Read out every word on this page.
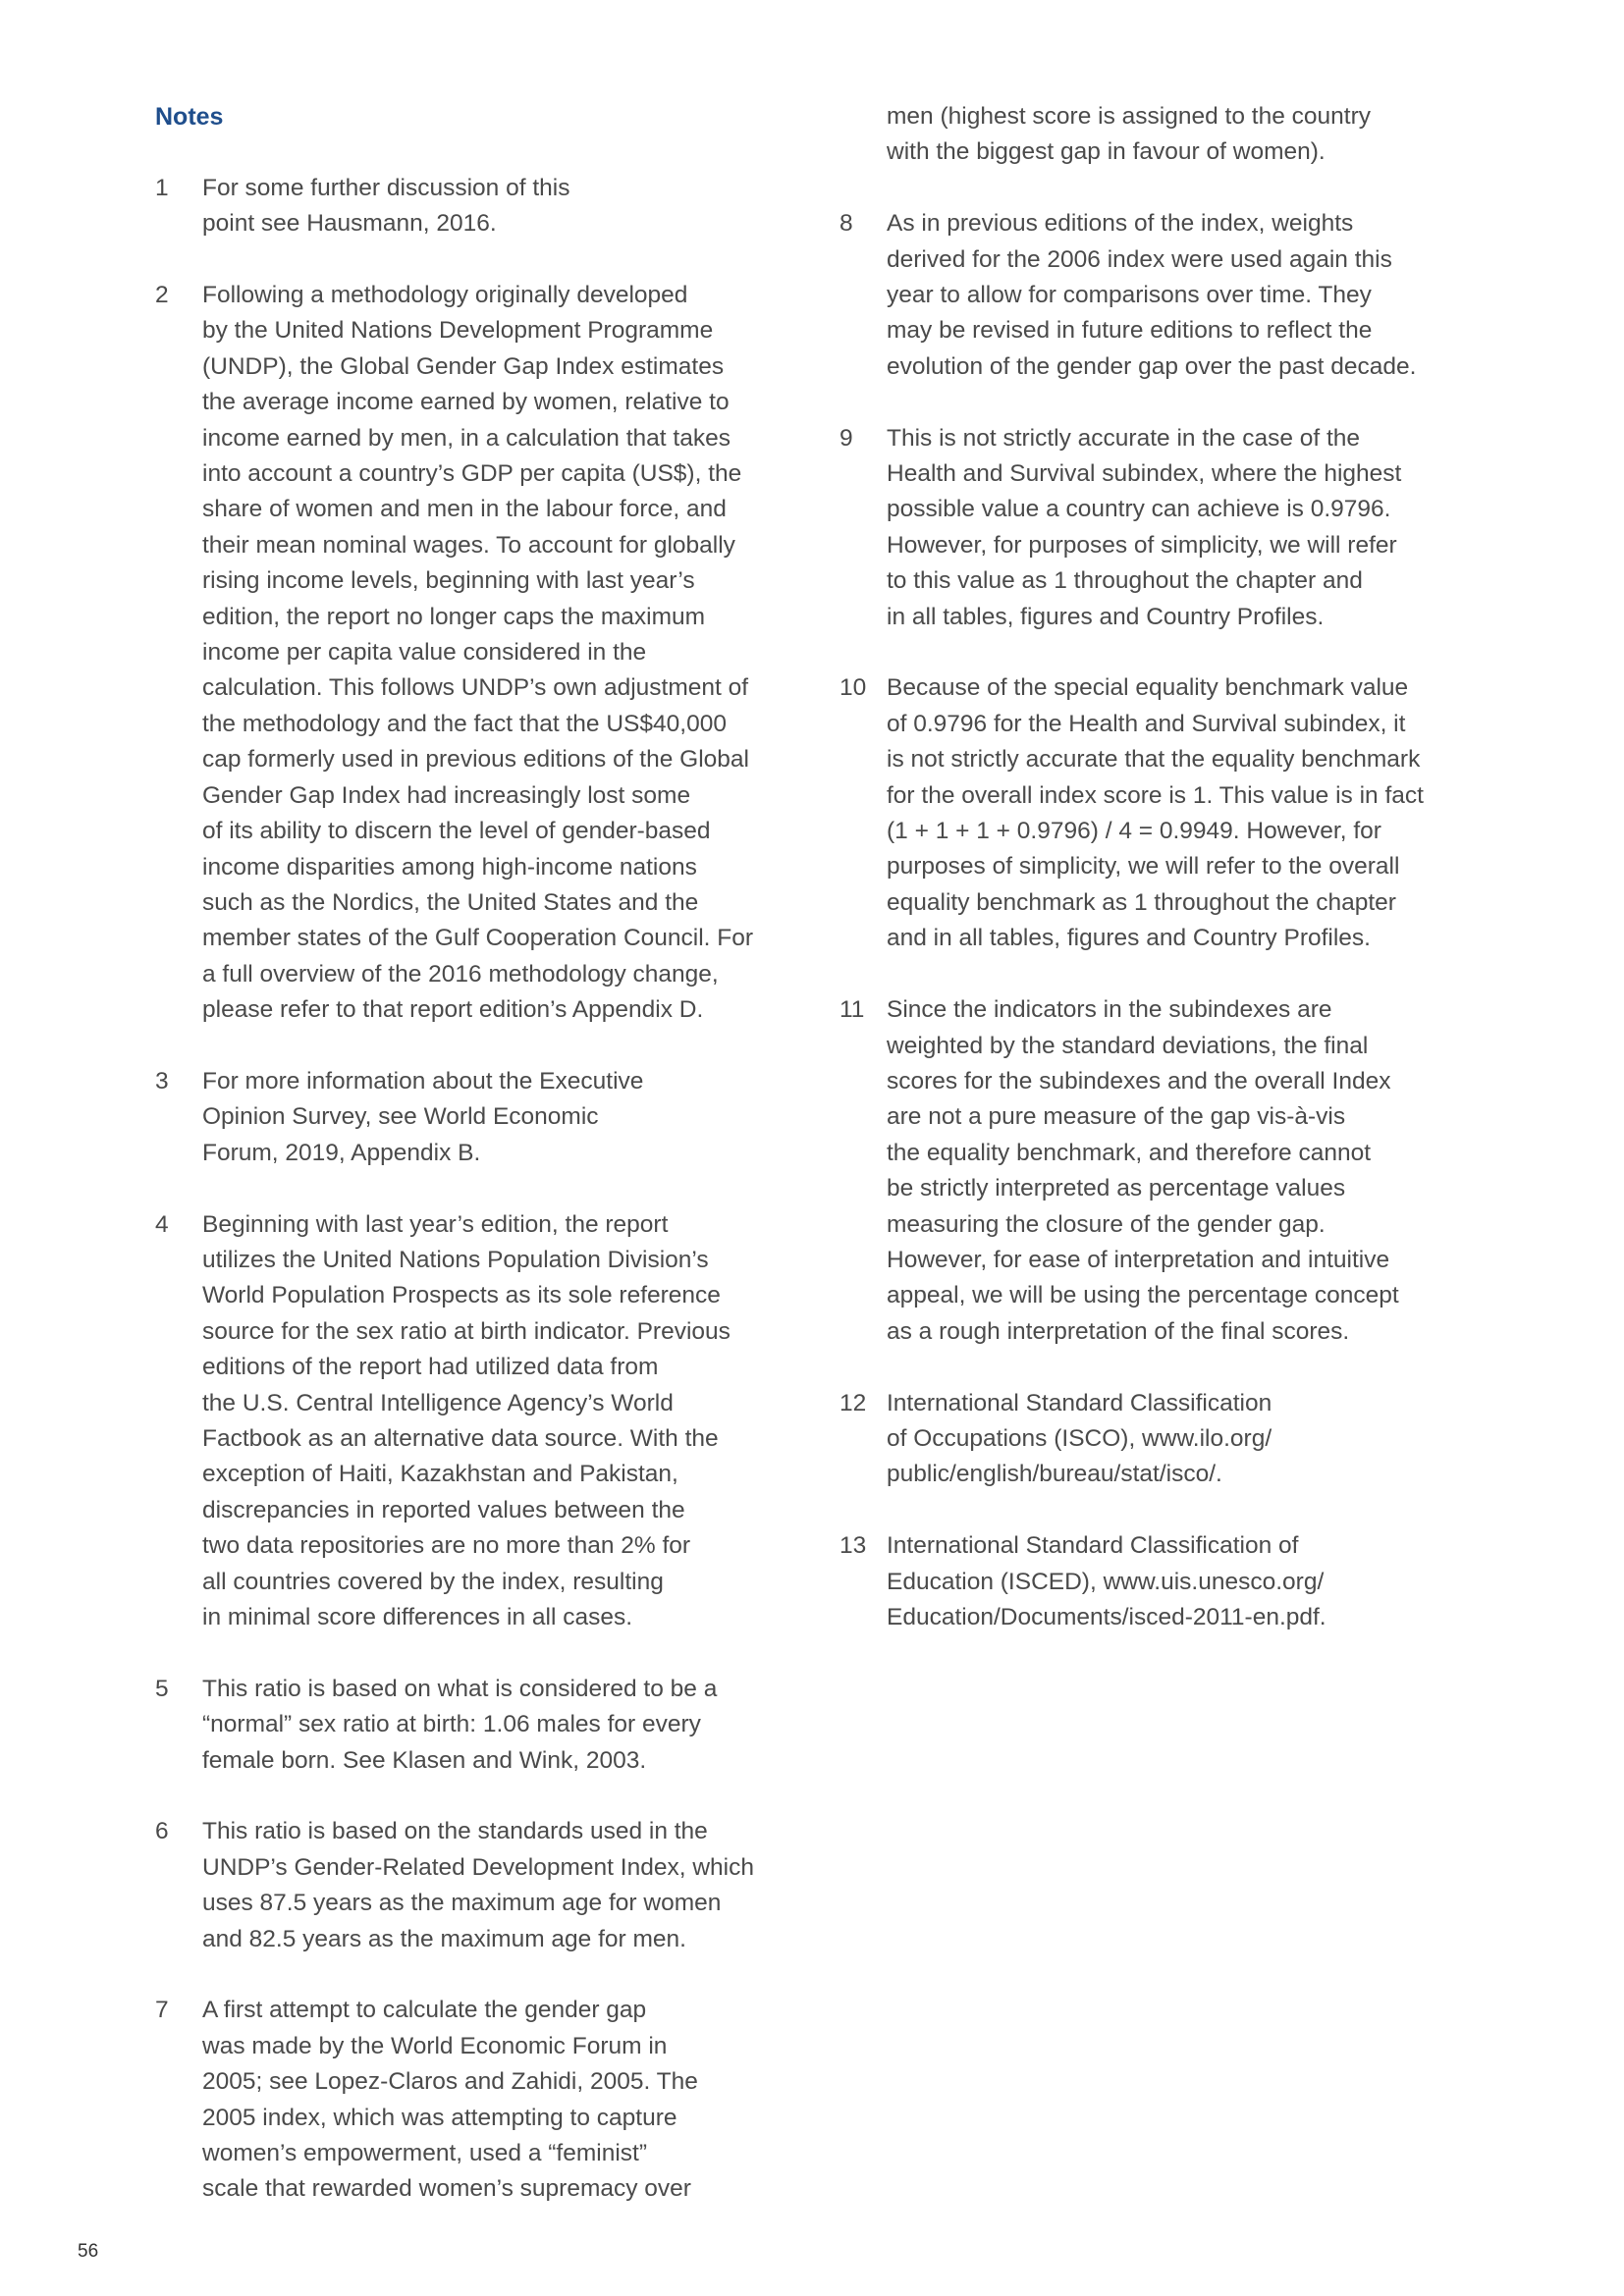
Notes
1	For some further discussion of this
point see Hausmann, 2016.
2	Following a methodology originally developed
by the United Nations Development Programme
(UNDP), the Global Gender Gap Index estimates
the average income earned by women, relative to
income earned by men, in a calculation that takes
into account a country’s GDP per capita (US$), the
share of women and men in the labour force, and
their mean nominal wages. To account for globally
rising income levels, beginning with last year’s
edition, the report no longer caps the maximum
income per capita value considered in the
calculation. This follows UNDP’s own adjustment of
the methodology and the fact that the US$40,000
cap formerly used in previous editions of the Global
Gender Gap Index had increasingly lost some
of its ability to discern the level of gender-based
income disparities among high-income nations
such as the Nordics, the United States and the
member states of the Gulf Cooperation Council. For
a full overview of the 2016 methodology change,
please refer to that report edition’s Appendix D.
3	For more information about the Executive
Opinion Survey, see World Economic
Forum, 2019, Appendix B.
4	Beginning with last year’s edition, the report
utilizes the United Nations Population Division’s
World Population Prospects as its sole reference
source for the sex ratio at birth indicator. Previous
editions of the report had utilized data from
the U.S. Central Intelligence Agency’s World
Factbook as an alternative data source. With the
exception of Haiti, Kazakhstan and Pakistan,
discrepancies in reported values between the
two data repositories are no more than 2% for
all countries covered by the index, resulting
in minimal score differences in all cases.
5	This ratio is based on what is considered to be a
“normal” sex ratio at birth: 1.06 males for every
female born. See Klasen and Wink, 2003.
6	This ratio is based on the standards used in the
UNDP’s Gender-Related Development Index, which
uses 87.5 years as the maximum age for women
and 82.5 years as the maximum age for men.
7	A first attempt to calculate the gender gap
was made by the World Economic Forum in
2005; see Lopez-Claros and Zahidi, 2005. The
2005 index, which was attempting to capture
women’s empowerment, used a “feminist”
scale that rewarded women’s supremacy over
men (highest score is assigned to the country
with the biggest gap in favour of women).
8	As in previous editions of the index, weights
derived for the 2006 index were used again this
year to allow for comparisons over time. They
may be revised in future editions to reflect the
evolution of the gender gap over the past decade.
9	This is not strictly accurate in the case of the
Health and Survival subindex, where the highest
possible value a country can achieve is 0.9796.
However, for purposes of simplicity, we will refer
to this value as 1 throughout the chapter and
in all tables, figures and Country Profiles.
10 Because of the special equality benchmark value
of 0.9796 for the Health and Survival subindex, it
is not strictly accurate that the equality benchmark
for the overall index score is 1. This value is in fact
(1 + 1 + 1 + 0.9796) / 4 = 0.9949. However, for
purposes of simplicity, we will refer to the overall
equality benchmark as 1 throughout the chapter
and in all tables, figures and Country Profiles.
11 Since the indicators in the subindexes are
weighted by the standard deviations, the final
scores for the subindexes and the overall Index
are not a pure measure of the gap vis-à-vis
the equality benchmark, and therefore cannot
be strictly interpreted as percentage values
measuring the closure of the gender gap.
However, for ease of interpretation and intuitive
appeal, we will be using the percentage concept
as a rough interpretation of the final scores.
12 International Standard Classification
of Occupations (ISCO), www.ilo.org/
public/english/bureau/stat/isco/.
13 International Standard Classification of
Education (ISCED), www.uis.unesco.org/
Education/Documents/isced-2011-en.pdf.
56
